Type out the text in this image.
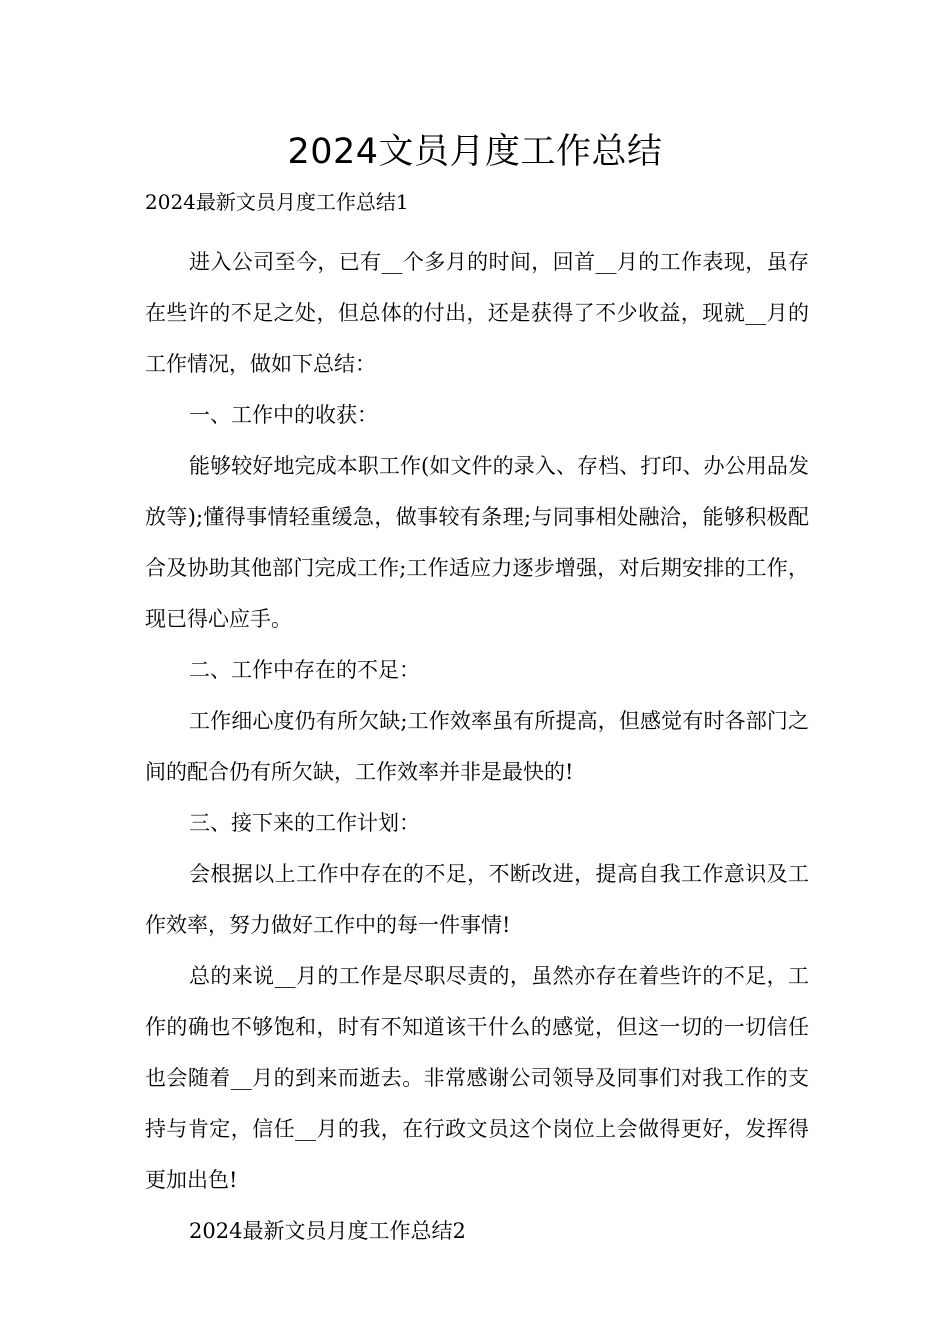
2024文员月度工作总结

2024最新文员月度工作总结1

进入公司至今，已有__个多月的时间，回首__月的工作表现，虽存在些许的不足之处，但总体的付出，还是获得了不少收益，现就__月的工作情况，做如下总结：

一、工作中的收获：

能够较好地完成本职工作(如文件的录入、存档、打印、办公用品发放等);懂得事情轻重缓急，做事较有条理;与同事相处融洽，能够积极配合及协助其他部门完成工作;工作适应力逐步增强，对后期安排的工作，现已得心应手。

二、工作中存在的不足：

工作细心度仍有所欠缺;工作效率虽有所提高，但感觉有时各部门之间的配合仍有所欠缺，工作效率并非是最快的!

三、接下来的工作计划：

会根据以上工作中存在的不足，不断改进，提高自我工作意识及工作效率，努力做好工作中的每一件事情!

总的来说__月的工作是尽职尽责的，虽然亦存在着些许的不足，工作的确也不够饱和，时有不知道该干什么的感觉，但这一切的一切信任也会随着__月的到来而逝去。非常感谢公司领导及同事们对我工作的支持与肯定，信任__月的我，在行政文员这个岗位上会做得更好，发挥得更加出色!

2024最新文员月度工作总结2
